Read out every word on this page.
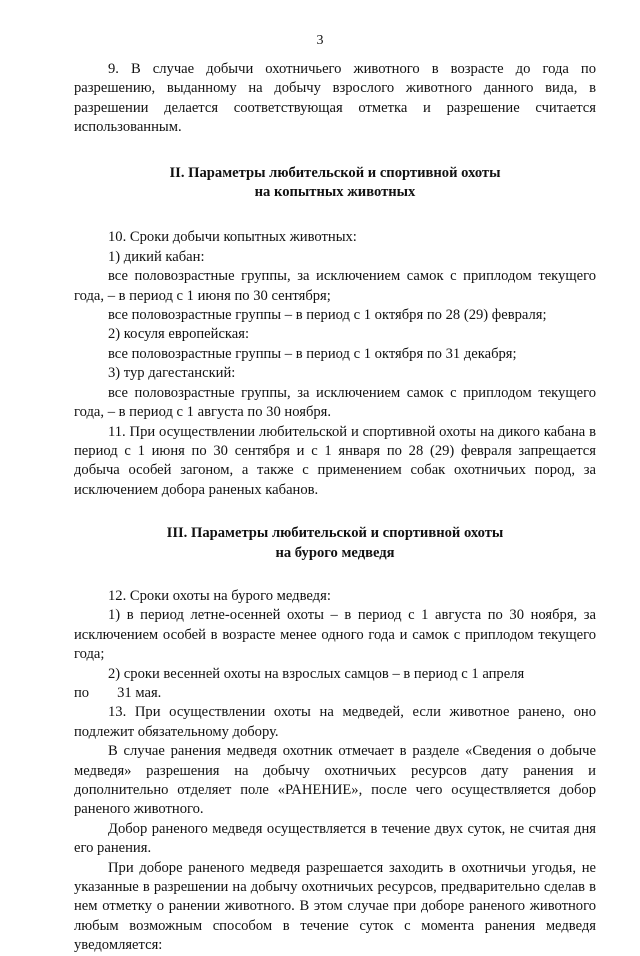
3

9. В случае добычи охотничьего животного в возрасте до года по разрешению, выданному на добычу взрослого животного данного вида, в разрешении делается соответствующая отметка и разрешение считается использованным.

II. Параметры любительской и спортивной охоты
на копытных животных

10. Сроки добычи копытных животных:

1) дикий кабан:

все половозрастные группы, за исключением самок с приплодом текущего года, – в период с 1 июня по 30 сентября;

все половозрастные группы – в период с 1 октября по 28 (29) февраля;

2) косуля европейская:

все половозрастные группы – в период с 1 октября по 31 декабря;

3) тур дагестанский:

все половозрастные группы, за исключением самок с приплодом текущего года, – в период с 1 августа по 30 ноября.

11. При осуществлении любительской и спортивной охоты на дикого кабана в период с 1 июня по 30 сентября и с 1 января по 28 (29) февраля запрещается добыча особей загоном, а также с применением собак охотничьих пород, за исключением добора раненых кабанов.

III. Параметры любительской и спортивной охоты
на бурого медведя

12. Сроки охоты на бурого медведя:

1) в период летне-осенней охоты – в период с 1 августа по 30 ноября, за исключением особей в возрасте менее одного года и самок с приплодом текущего года;

2) сроки весенней охоты на взрослых самцов – в период с 1 апреля

по 31 мая.

13. При осуществлении охоты на медведей, если животное ранено, оно подлежит обязательному добору.

В случае ранения медведя охотник отмечает в разделе «Сведения о добыче медведя» разрешения на добычу охотничьих ресурсов дату ранения и дополнительно отделяет поле «РАНЕНИЕ», после чего осуществляется добор раненого животного.

Добор раненого медведя осуществляется в течение двух суток, не считая дня его ранения.

При доборе раненого медведя разрешается заходить в охотничьи угодья, не указанные в разрешении на добычу охотничьих ресурсов, предварительно сделав в нем отметку о ранении животного. В этом случае при доборе раненого животного любым возможным способом в течение суток с момента ранения медведя уведомляется:
